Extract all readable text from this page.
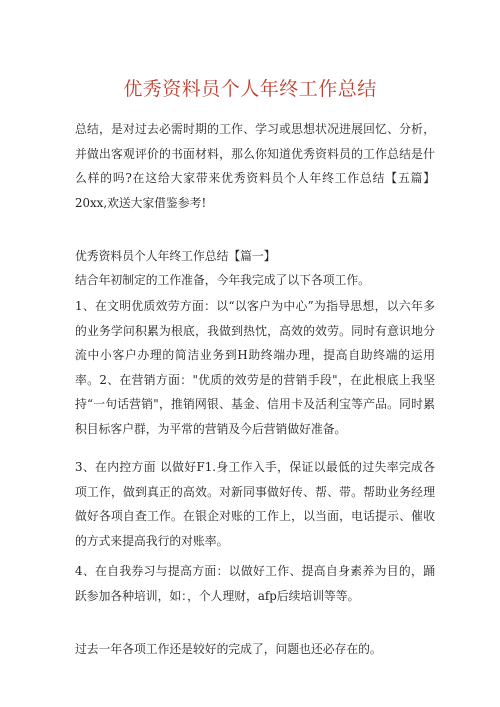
优秀资料员个人年终工作总结

总结，是对过去必需时期的工作、学习或思想状况进展回忆、分析，并做出客观评价的书面材料，那么你知道优秀资料员的工作总结是什么样的吗?在这给大家带来优秀资料员个人年终工作总结【五篇】20xx,欢送大家借鉴参考!

优秀资料员个人年终工作总结【篇一】

结合年初制定的工作准备，今年我完成了以下各项工作。

1、在文明优质效劳方面：以“以客户为中心”为指导思想，以六年多的业务学问积累为根底，我做到热忱，高效的效劳。同时有意识地分流中小客户办理的简洁业务到H助终端办理，提高自助终端的运用率。2、在营销方面："优质的效劳是的营销手段"，在此根底上我坚持“一句话营销"，推销网银、基金、信用卡及活利宝等产品。同时累积目标客户群，为平常的营销及今后营销做好准备。

3、在内控方面 以做好F1.身工作入手，保证以最低的过失率完成各项工作，做到真正的高效。对新同事做好传、帮、带。帮助业务经理做好各项自查工作。在银企对账的工作上，以当面，电话提示、催收的方式来提高我行的对账率。

4、在自我券习与提高方面：以做好工作、提高自身素养为目的，踊跃参加各种培训，如：，个人理财，afp后续培训等等。

过去一年各项工作还是较好的完成了，问题也还必存在的。
